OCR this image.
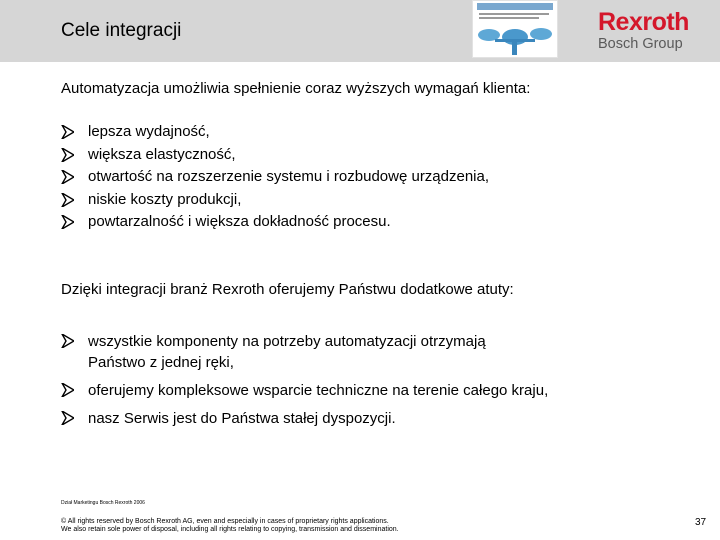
Cele integracji	Rexroth
Bosch Group
Automatyzacja umożliwia spełnienie coraz wyższych wymagań klienta:
lepsza wydajność,
większa elastyczność,
otwartość na rozszerzenie systemu i rozbudowę urządzenia,
niskie koszty produkcji,
powtarzalność i większa dokładność procesu.
Dzięki integracji branż Rexroth oferujemy Państwu dodatkowe atuty:
wszystkie komponenty na potrzeby automatyzacji otrzymają
Państwo z jednej ręki,
oferujemy kompleksowe wsparcie techniczne na terenie całego kraju,
nasz Serwis jest do Państwa stałej dyspozycji.
Dział Marketingu Bosch Rexroth 2006
© All rights reserved by Bosch Rexroth AG, even and especially in cases of proprietary rights applications.
We also retain sole power of disposal, including all rights relating to copying, transmission and dissemination.
37
